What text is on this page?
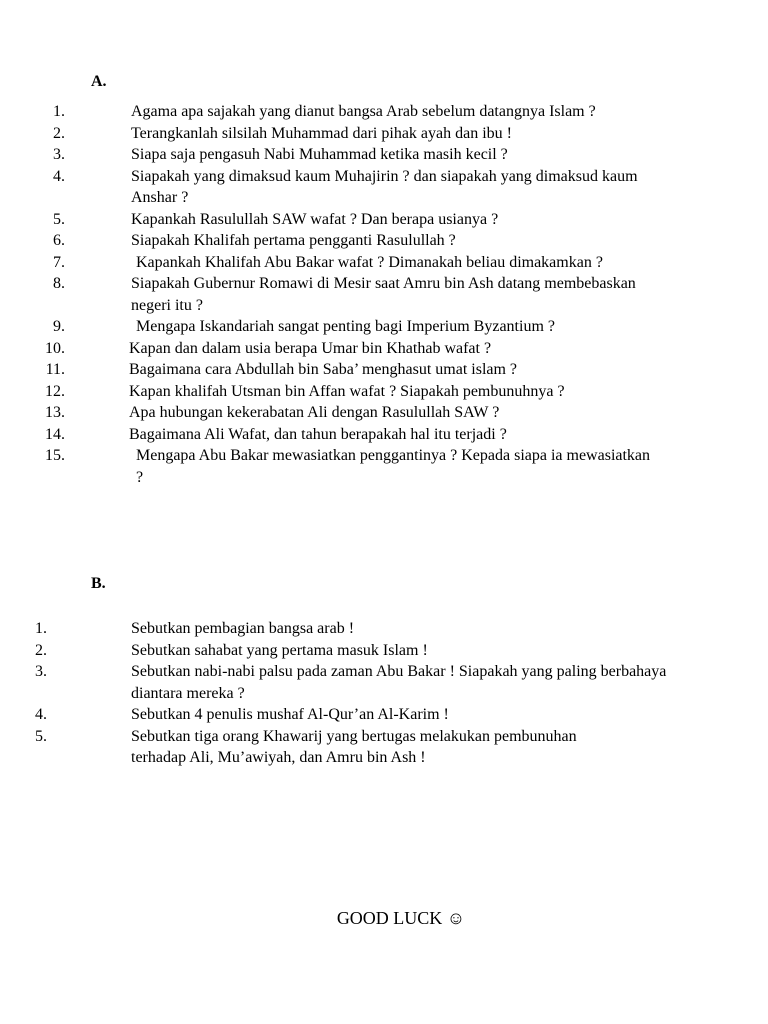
A.
1.	Agama apa sajakah yang dianut bangsa Arab sebelum datangnya Islam ?
2.	Terangkanlah silsilah Muhammad dari pihak ayah dan ibu !
3.	Siapa saja pengasuh Nabi Muhammad ketika masih kecil ?
4.	Siapakah yang dimaksud kaum Muhajirin ? dan siapakah yang dimaksud kaum Anshar ?
5.	Kapankah Rasulullah SAW wafat ? Dan berapa usianya ?
6.	Siapakah Khalifah pertama pengganti Rasulullah ?
7.	Kapankah Khalifah Abu Bakar wafat ? Dimanakah beliau dimakamkan ?
8.	Siapakah Gubernur Romawi di Mesir saat Amru bin Ash datang membebaskan negeri itu ?
9.	Mengapa Iskandariah sangat penting bagi Imperium Byzantium ?
10.	Kapan dan dalam usia berapa Umar bin Khathab wafat ?
11.	Bagaimana cara Abdullah bin Saba’ menghasut umat islam ?
12.	Kapan khalifah Utsman bin Affan wafat ? Siapakah pembunuhnya ?
13.	Apa hubungan kekerabatan Ali dengan Rasulullah SAW ?
14.	Bagaimana Ali Wafat, dan tahun berapakah hal itu terjadi ?
15.	Mengapa Abu Bakar mewasiatkan penggantinya ? Kepada siapa ia mewasiatkan ?
B.
1.	Sebutkan pembagian bangsa arab !
2.	Sebutkan sahabat yang pertama masuk Islam !
3.	Sebutkan nabi-nabi palsu pada zaman Abu Bakar ! Siapakah yang paling berbahaya diantara mereka ?
4.	Sebutkan 4 penulis mushaf Al-Qur’an Al-Karim !
5.	Sebutkan tiga orang Khawarij yang bertugas melakukan pembunuhan terhadap Ali, Mu’awiyah, dan Amru bin Ash !
GOOD LUCK ☺
